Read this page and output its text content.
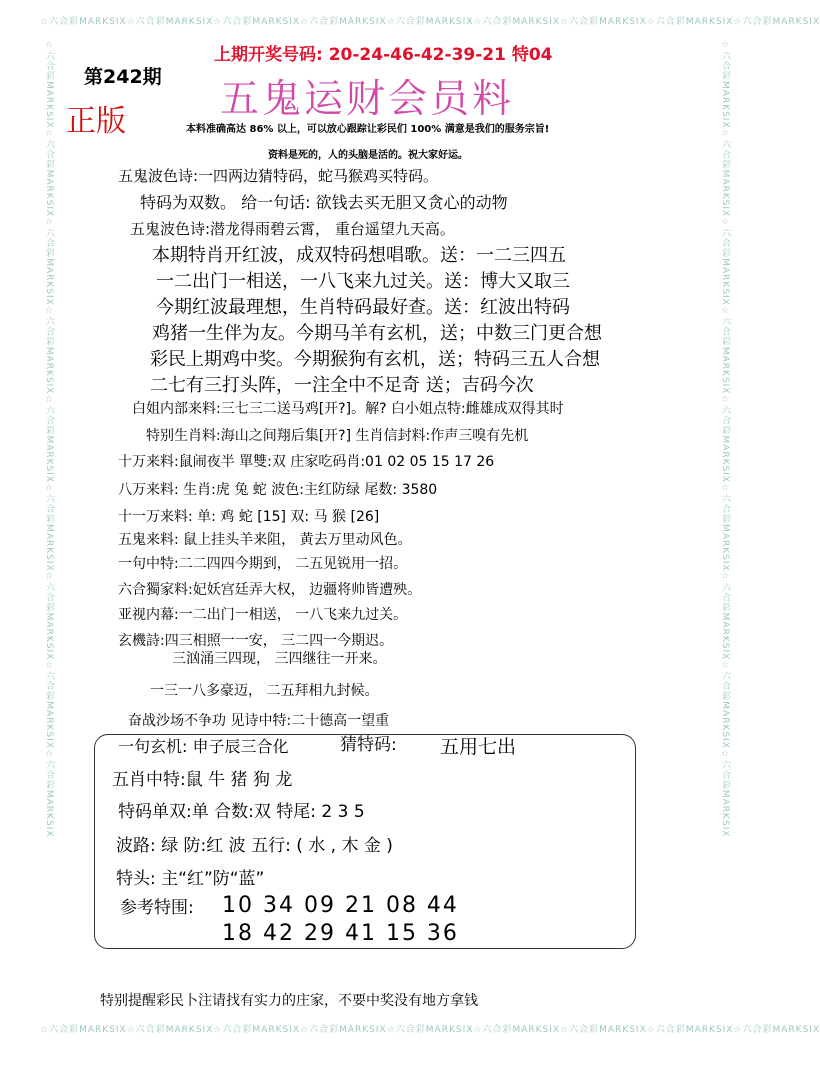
☆六合彩MARKSIX☆六合彩MARKSIX☆六合彩MARKSIX☆六合彩MARKSIX☆六合彩MARKSIX☆六合彩MARKSIX☆六合彩MARKSIX☆六合彩MARKSIX☆六合彩MARKSIX
☆六合彩MARKSIX☆六合彩MARKSIX☆六合彩MARKSIX☆六合彩MARKSIX☆六合彩MARKSIX☆六合彩MARKSIX☆六合彩MARKSIX☆六合彩MARKSIX☆六合彩MARKSIX
☆六合彩MARKSIX☆六合彩MARKSIX☆六合彩MARKSIX☆六合彩MARKSIX☆六合彩MARKSIX☆六合彩MARKSIX☆六合彩MARKSIX☆六合彩MARKSIX☆六合彩MARKSIX	☆六合彩MARKSIX☆六合彩MARKSIX☆六合彩MARKSIX☆六合彩MARKSIX☆六合彩MARKSIX☆六合彩MARKSIX☆六合彩MARKSIX☆六合彩MARKSIX☆六合彩MARKSIX
第242期
正版
上期开奖号码: 20-24-46-42-39-21 特04
五鬼运财会员料
本料准确高达 86% 以上，可以放心跟踪让彩民们 100% 满意是我们的服务宗旨!
资料是死的，人的头脑是活的。祝大家好运。
五鬼波色诗:一四两边猜特码，蛇马猴鸡买特码。
特码为双数。 给一句话: 欲钱去买无胆又贪心的动物
五鬼波色诗:潜龙得雨碧云霄， 重台遥望九天高。
本期特肖开红波，成双特码想唱歌。送：一二三四五
一二出门一相送，一八飞来九过关。送：博大又取三
今期红波最理想，生肖特码最好查。送：红波出特码
鸡猪一生伴为友。今期马羊有玄机，送；中数三门更合想
彩民上期鸡中奖。今期猴狗有玄机，送；特码三五人合想
二七有三打头阵，一注全中不足奇 送；吉码今次
白姐内部来料:三七三二送马鸡[开?]。解? 白小姐点特:雌雄成双得其时
特别生肖料:海山之间翔后集[开?] 生肖信封料:作声三嗅有先机
十万来料:鼠闹夜半 單雙:双 庄家吃码肖:01 02 05 15 17 26
八万来料: 生肖:虎 兔 蛇 波色:主红防绿 尾数: 3580
十一万来料: 单: 鸡 蛇 [15] 双: 马 猴 [26]
五鬼来料: 鼠上挂头羊来阻， 黄去万里动风色。
一句中特:二二四四今期到， 二五见锐用一招。
六合獨家料:妃妖宫廷弄大权， 边疆将帅皆遭殃。
亚视内幕:一二出门一相送， 一八飞来九过关。
玄機詩:四三相照一一安， 三二四一今期迟。
三汹涌三四现， 三四继往一开来。
一三一八多豪迈， 二五拜相九封候。
奋战沙场不争功 见诗中特:二十德高一望重
一句玄机: 申子辰三合化	猜特码: 五用七出
五肖中特:鼠 牛 猪 狗 龙
特码单双:单 合数:双 特尾: 2 3 5
波路: 绿 防:红 波 五行: ( 水 , 木 金 )
特头: 主“红”防“蓝”
参考特围: 10 34 09 21 08 44
18 42 29 41 15 36
特别提醒彩民卜注请找有实力的庄家，不要中奖没有地方拿钱
